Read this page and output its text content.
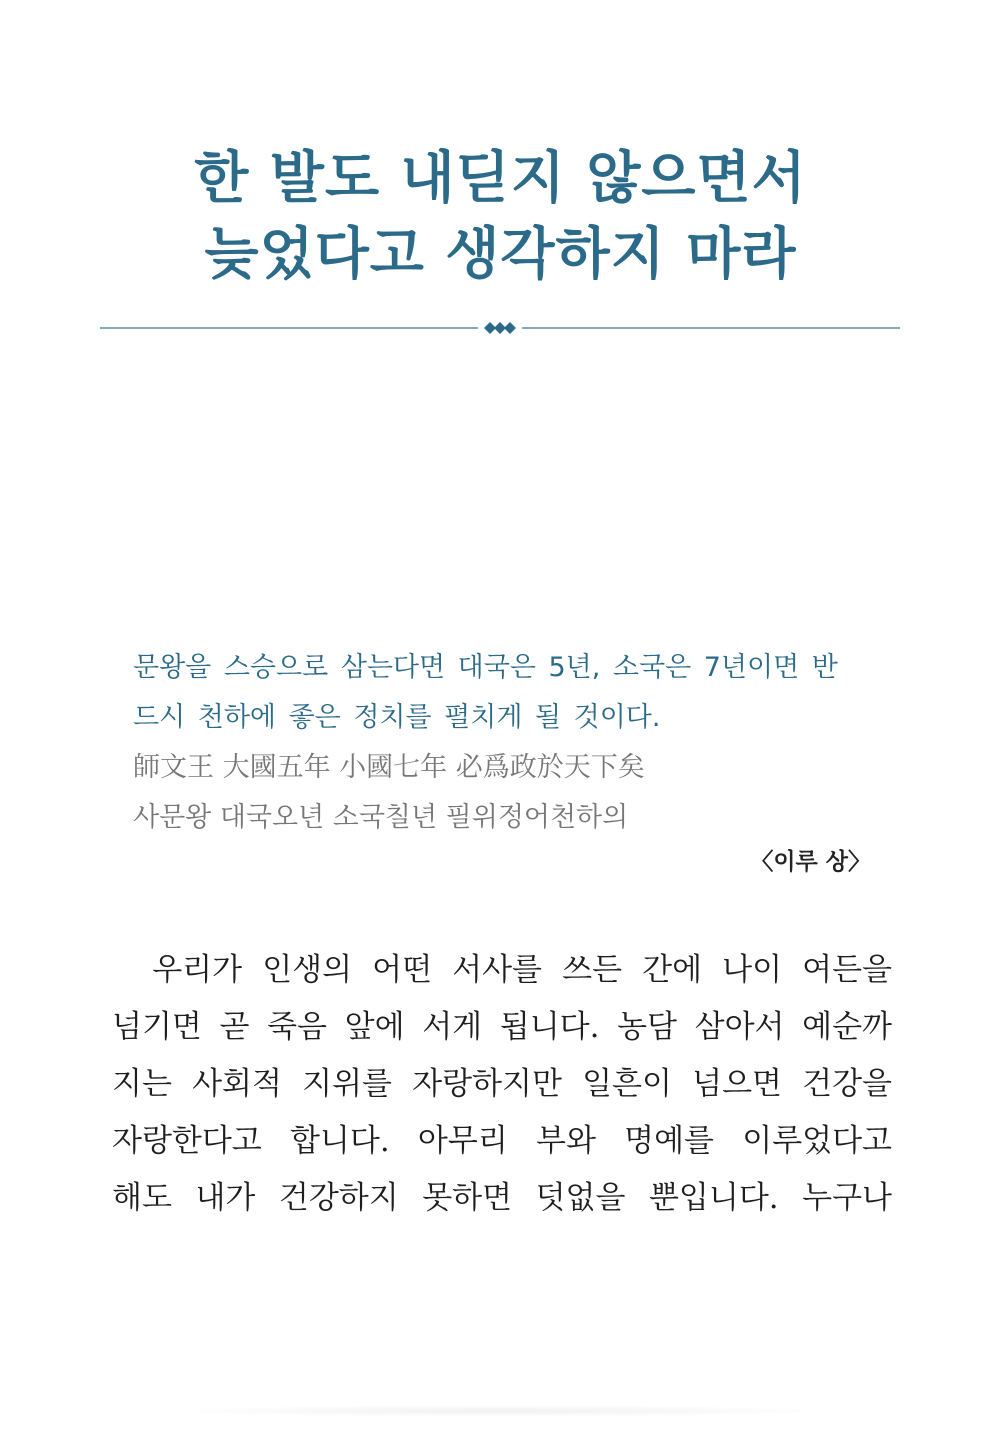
한 발도 내딛지 않으면서
늦었다고 생각하지 마라
문왕을 스승으로 삼는다면 대국은 5년, 소국은 7년이면 반
드시 천하에 좋은 정치를 펼치게 될 것이다.
師文王 大國五年 小國七年 必爲政於天下矣
사문왕 대국오년 소국칠년 필위정어천하의
〈이루 상〉
우리가 인생의 어떤 서사를 쓰든 간에 나이 여든을
넘기면 곧 죽음 앞에 서게 됩니다. 농담 삼아서 예순까
지는 사회적 지위를 자랑하지만 일흔이 넘으면 건강을
자랑한다고 합니다. 아무리 부와 명예를 이루었다고
해도 내가 건강하지 못하면 덧없을 뿐입니다. 누구나
